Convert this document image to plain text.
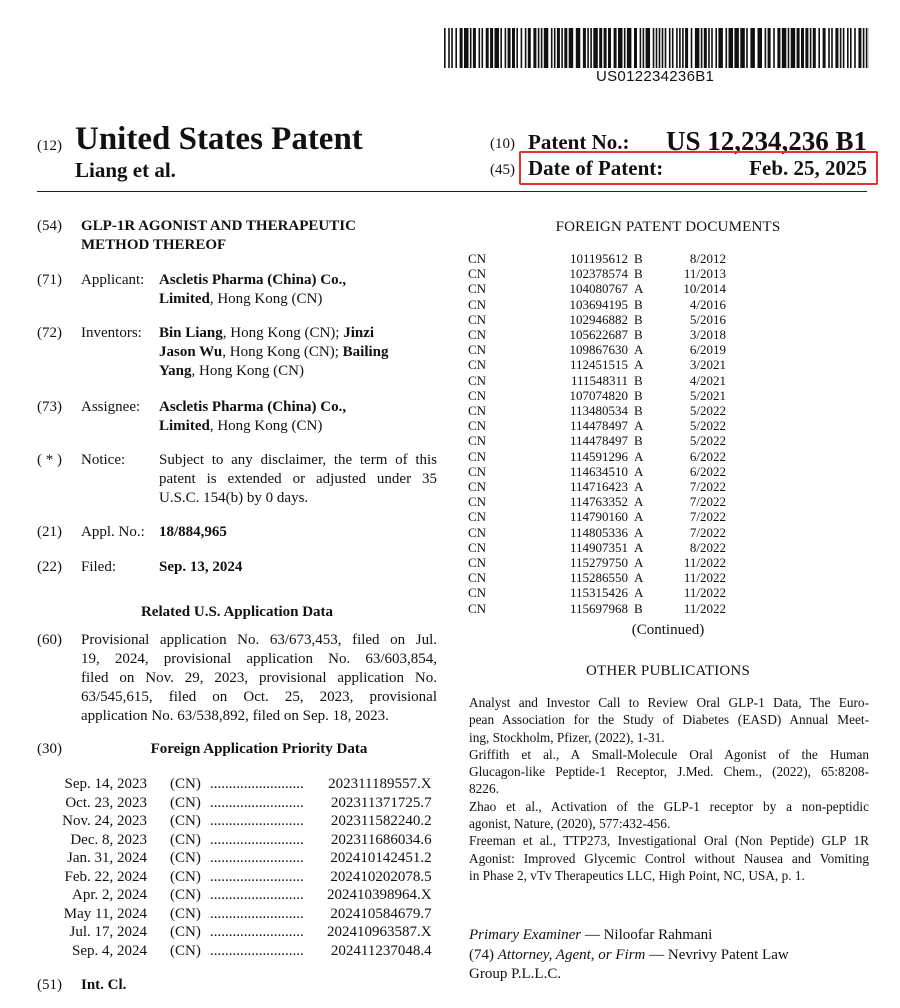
US012234236B1
(12) United States Patent
Liang et al.
(10) Patent No.: US 12,234,236 B1
(45) Date of Patent:	Feb. 25, 2025
(54) GLP-1R AGONIST AND THERAPEUTIC
METHOD THEREOF
(71) Applicant: Ascletis Pharma (China) Co.,
Limited, Hong Kong (CN)
(72) Inventors: Bin Liang, Hong Kong (CN); Jinzi
Jason Wu, Hong Kong (CN); Bailing
Yang, Hong Kong (CN)
(73) Assignee: Ascletis Pharma (China) Co.,
Limited, Hong Kong (CN)
( * ) Notice: Subject to any disclaimer, the term of this
patent is extended or adjusted under 35
U.S.C. 154(b) by 0 days.
(21) Appl. No.: 18/884,965
(22) Filed:	Sep. 13, 2024
Related U.S. Application Data
(60) Provisional application No. 63/673,453, filed on Jul.
19, 2024, provisional application No. 63/603,854,
filed on Nov. 29, 2023, provisional application No.
63/545,615, filed on Oct. 25, 2023, provisional
application No. 63/538,892, filed on Sep. 18, 2023.
(30)	Foreign Application Priority Data
Sep. 14, 2023	(CN)	.........................	202311189557.X
Oct. 23, 2023	(CN)	.........................	202311371725.7
Nov. 24, 2023	(CN)	.........................	202311582240.2
Dec. 8, 2023	(CN)	.........................	202311686034.6
Jan. 31, 2024	(CN)	.........................	202410142451.2
Feb. 22, 2024	(CN)	.........................	202410202078.5
Apr. 2, 2024	(CN)	.........................	202410398964.X
May 11, 2024	(CN)	.........................	202410584679.7
Jul. 17, 2024	(CN)	.........................	202410963587.X
Sep. 4, 2024	(CN)	.........................	202411237048.4
(51) Int. Cl.
FOREIGN PATENT DOCUMENTS
CN	101195612	B	8/2012
CN	102378574	B	11/2013
CN	104080767	A	10/2014
CN	103694195	B	4/2016
CN	102946882	B	5/2016
CN	105622687	B	3/2018
CN	109867630	A	6/2019
CN	112451515	A	3/2021
CN	111548311	B	4/2021
CN	107074820	B	5/2021
CN	113480534	B	5/2022
CN	114478497	A	5/2022
CN	114478497	B	5/2022
CN	114591296	A	6/2022
CN	114634510	A	6/2022
CN	114716423	A	7/2022
CN	114763352	A	7/2022
CN	114790160	A	7/2022
CN	114805336	A	7/2022
CN	114907351	A	8/2022
CN	115279750	A	11/2022
CN	115286550	A	11/2022
CN	115315426	A	11/2022
CN	115697968	B	11/2022
(Continued)
OTHER PUBLICATIONS
Analyst and Investor Call to Review Oral GLP-1 Data, The Euro-
pean Association for the Study of Diabetes (EASD) Annual Meet-
ing, Stockholm, Pfizer, (2022), 1-31.
Griffith et al., A Small-Molecule Oral Agonist of the Human
Glucagon-like Peptide-1 Receptor, J.Med. Chem., (2022), 65:8208-
8226.
Zhao et al., Activation of the GLP-1 receptor by a non-peptidic
agonist, Nature, (2020), 577:432-456.
Freeman et al., TTP273, Investigational Oral (Non Peptide) GLP 1R
Agonist: Improved Glycemic Control without Nausea and Vomiting
in Phase 2, vTv Therapeutics LLC, High Point, NC, USA, p. 1.
Primary Examiner — Niloofar Rahmani
(74) Attorney, Agent, or Firm — Nevrivy Patent Law
Group P.L.L.C.
